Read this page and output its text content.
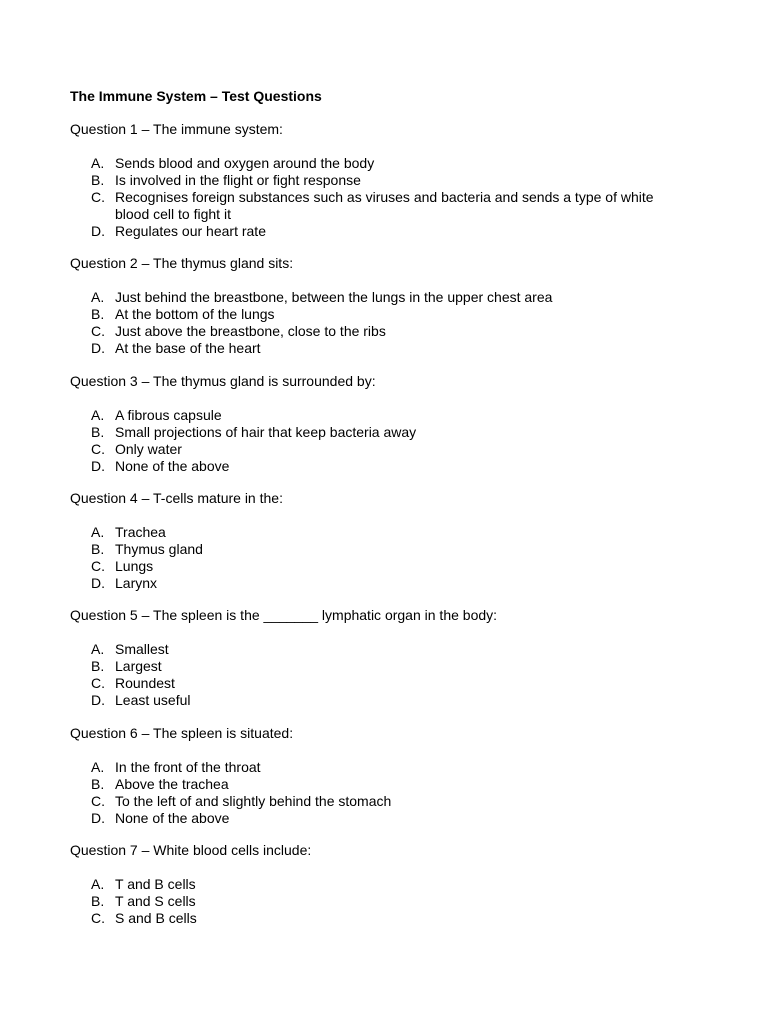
The Immune System – Test Questions

Question 1 – The immune system:

A. Sends blood and oxygen around the body
B. Is involved in the flight or fight response
C. Recognises foreign substances such as viruses and bacteria and sends a type of white blood cell to fight it
D. Regulates our heart rate

Question 2 – The thymus gland sits:

A. Just behind the breastbone, between the lungs in the upper chest area
B. At the bottom of the lungs
C. Just above the breastbone, close to the ribs
D. At the base of the heart

Question 3 – The thymus gland is surrounded by:

A. A fibrous capsule
B. Small projections of hair that keep bacteria away
C. Only water
D. None of the above

Question 4 – T-cells mature in the:

A. Trachea
B. Thymus gland
C. Lungs
D. Larynx

Question 5 – The spleen is the _______ lymphatic organ in the body:

A. Smallest
B. Largest
C. Roundest
D. Least useful

Question 6 – The spleen is situated:

A. In the front of the throat
B. Above the trachea
C. To the left of and slightly behind the stomach
D. None of the above

Question 7 – White blood cells include:

A. T and B cells
B. T and S cells
C. S and B cells
